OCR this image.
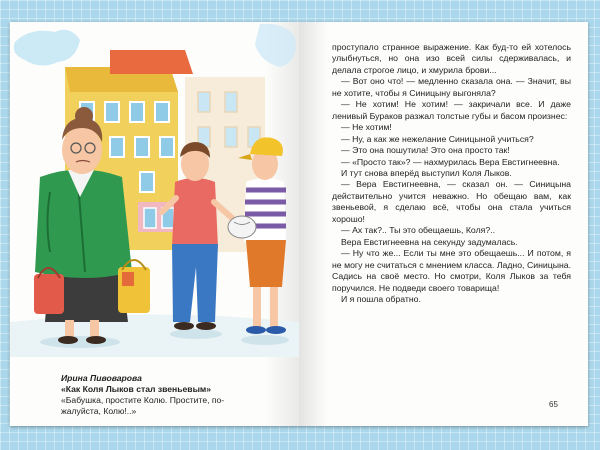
Ирина Пивоварова
«Как Коля Лыков стал звеньевым»

«Бабушка, простите Колю. Простите, по-
жалуйста, Колю!..»

проступало странное выражение. Как буд-то ей хотелось улыбнуться, но она изо всей силы сдерживалась, и делала строгое лицо, и хмурила брови...

— Вот оно что! — медленно сказала она. — Значит, вы не хотите, чтобы я Синицыну выгоняла?

— Не хотим! Не хотим! — закричали все. И даже ленивый Бураков разжал толстые губы и басом произнес:

— Не хотим!

— Ну, а как же нежелание Синицыной учиться?

— Это она пошутила! Это она просто так!

— «Просто так»? — нахмурилась Вера Евстигнеевна.

И тут снова вперёд выступил Коля Лыков.

— Вера Евстигнеевна, — сказал он. — Синицына действительно учится неважно. Но обещаю вам, как звеньевой, я сделаю всё, чтобы она стала учиться хорошо!

— Ах так?.. Ты это обещаешь, Коля?..

Вера Евстигнеевна на секунду задумалась.

— Ну что же... Если ты мне это обещаешь... И потом, я не могу не считаться с мнением класса. Ладно, Синицына. Садись на своё место. Но смотри, Коля Лыков за тебя поручился. Не подведи своего товарища!

И я пошла обратно.

65
